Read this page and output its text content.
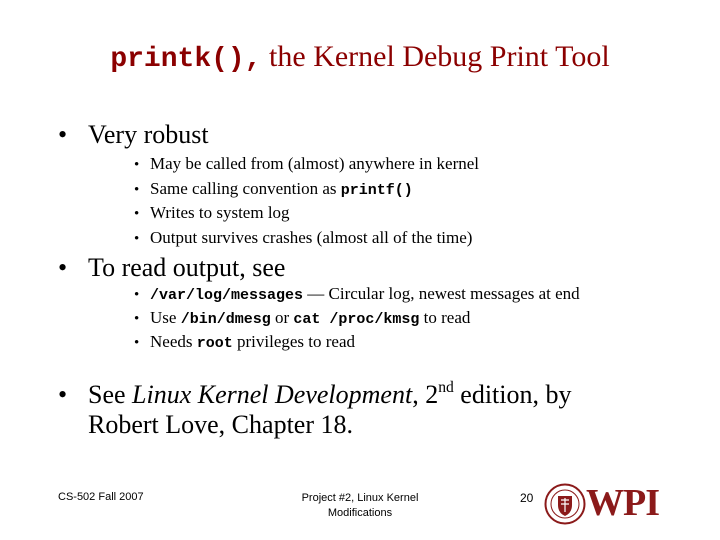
printk(), the Kernel Debug Print Tool
• Very robust
• May be called from (almost) anywhere in kernel
• Same calling convention as printf()
• Writes to system log
• Output survives crashes (almost all of the time)
• To read output, see
• /var/log/messages — Circular log, newest messages at end
• Use /bin/dmesg or cat /proc/kmsg to read
• Needs root privileges to read
• See Linux Kernel Development, 2nd edition, by
Robert Love, Chapter 18.
CS-502 Fall 2007	Project #2, Linux Kernel
Modifications
20 WPI
